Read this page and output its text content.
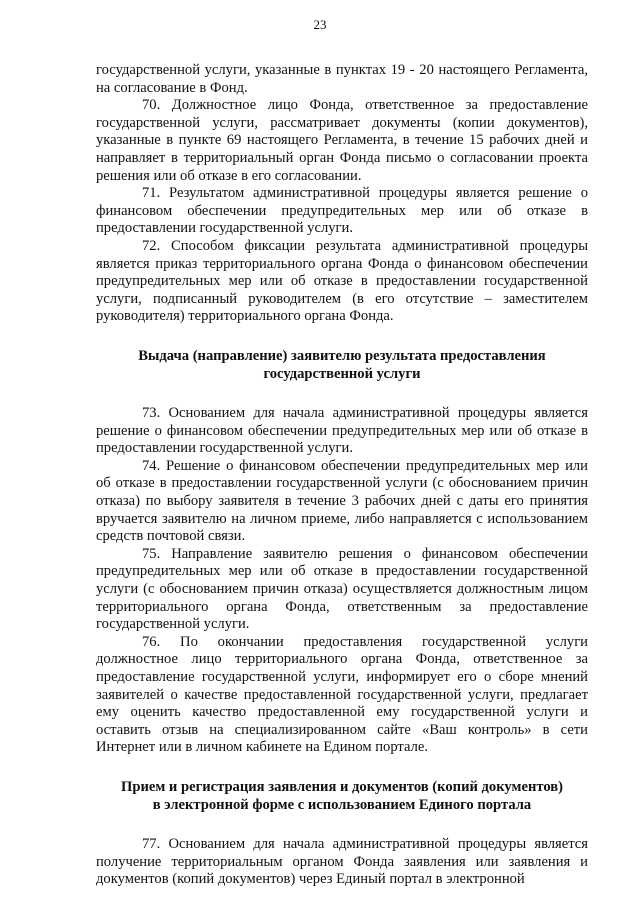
23

государственной услуги, указанные в пунктах 19 - 20 настоящего Регламента, на согласование в Фонд.

70. Должностное лицо Фонда, ответственное за предоставление государственной услуги, рассматривает документы (копии документов), указанные в пункте 69 настоящего Регламента, в течение 15 рабочих дней и направляет в территориальный орган Фонда письмо о согласовании проекта решения или об отказе в его согласовании.

71. Результатом административной процедуры является решение о финансовом обеспечении предупредительных мер или об отказе в предоставлении государственной услуги.

72. Способом фиксации результата административной процедуры является приказ территориального органа Фонда о финансовом обеспечении предупредительных мер или об отказе в предоставлении государственной услуги, подписанный руководителем (в его отсутствие – заместителем руководителя) территориального органа Фонда.

Выдача (направление) заявителю результата предоставления государственной услуги

73. Основанием для начала административной процедуры является решение о финансовом обеспечении предупредительных мер или об отказе в предоставлении государственной услуги.

74. Решение о финансовом обеспечении предупредительных мер или об отказе в предоставлении государственной услуги (с обоснованием причин отказа) по выбору заявителя в течение 3 рабочих дней с даты его принятия вручается заявителю на личном приеме, либо направляется с использованием средств почтовой связи.

75. Направление заявителю решения о финансовом обеспечении предупредительных мер или об отказе в предоставлении государственной услуги (с обоснованием причин отказа) осуществляется должностным лицом территориального органа Фонда, ответственным за предоставление государственной услуги.

76. По окончании предоставления государственной услуги должностное лицо территориального органа Фонда, ответственное за предоставление государственной услуги, информирует его о сборе мнений заявителей о качестве предоставленной государственной услуги, предлагает ему оценить качество предоставленной ему государственной услуги и оставить отзыв на специализированном сайте «Ваш контроль» в сети Интернет или в личном кабинете на Едином портале.

Прием и регистрация заявления и документов (копий документов) в электронной форме с использованием Единого портала

77. Основанием для начала административной процедуры является получение территориальным органом Фонда заявления или заявления и документов (копий документов) через Единый портал в электронной
